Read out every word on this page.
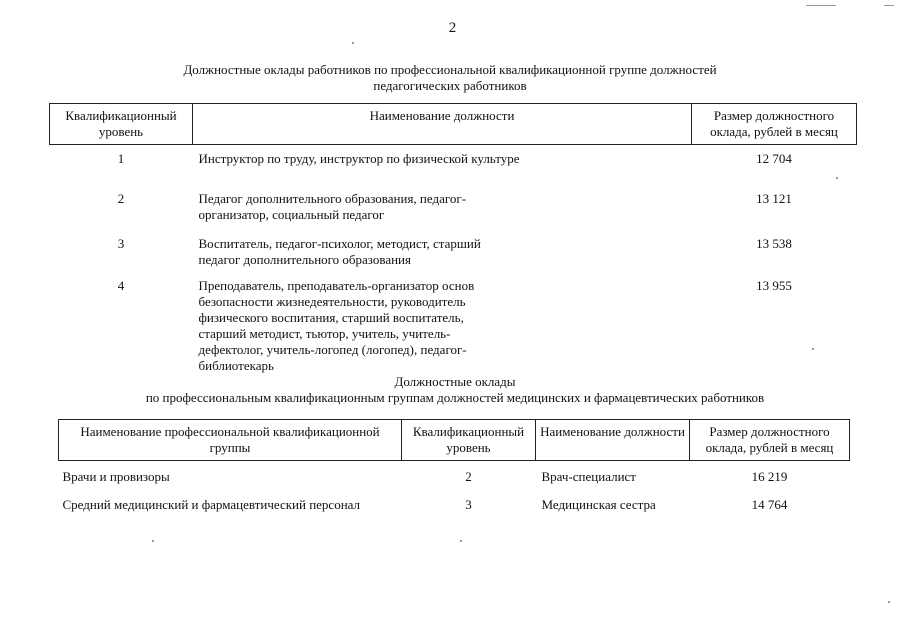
2
Должностные оклады работников по профессиональной квалификационной группе должностей
педагогических работников
Квалификационный уровень	Наименование должности	Размер должностного оклада, рублей в месяц
1	Инструктор по труду, инструктор по физической культуре	12 704
2	Педагог дополнительного образования, педагог-организатор, социальный педагог	13 121
3	Воспитатель, педагог-психолог, методист, старший педагог дополнительного образования	13 538
4	Преподаватель, преподаватель-организатор основ безопасности жизнедеятельности, руководитель физического воспитания, старший воспитатель, старший методист, тьютор, учитель, учитель-дефектолог, учитель-логопед (логопед), педагог-библиотекарь	13 955
Должностные оклады
по профессиональным квалификационным группам должностей медицинских и фармацевтических работников
Наименование профессиональной квалификационной группы	Квалификационный уровень	Наименование должности	Размер должностного оклада, рублей в месяц
Врачи и провизоры	2	Врач-специалист	16 219
Средний медицинский и фармацевтический персонал	3	Медицинская сестра	14 764
